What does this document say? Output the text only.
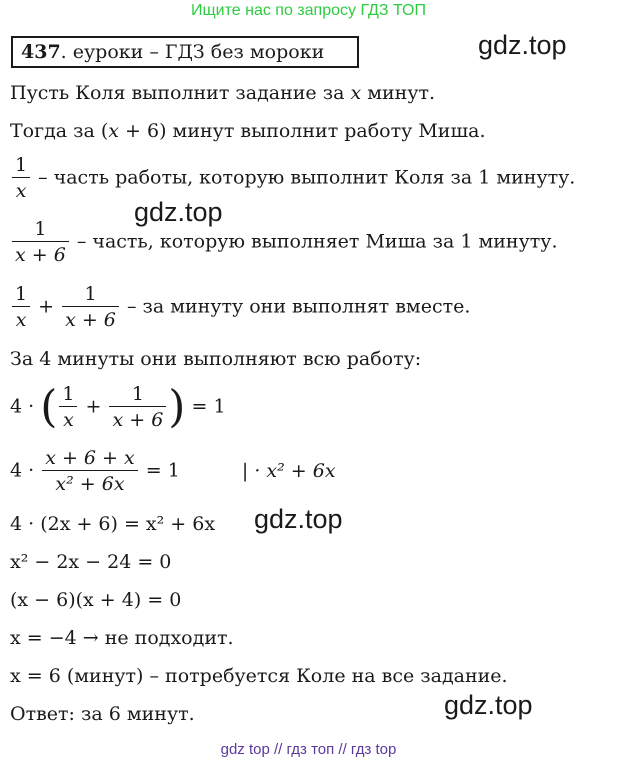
Ищите нас по запросу ГДЗ ТОП
437. еуроки – ГДЗ без мороки	gdz.top
gdz.top
gdz.top
gdz.top
Пусть Коля выполнит задание за x минут.
Тогда за (x + 6) минут выполнит работу Миша.
$\frac{1}{x}$ – часть работы, которую выполнит Коля за 1 минуту.
$\frac{1}{x + 6}$ – часть, которую выполняет Миша за 1 минуту.
$\frac{1}{x} + \frac{1}{x + 6}$ – за минуту они выполнят вместе.
За 4 минуты они выполняют всю работу:
4 · ( $\frac{1}{x} + \frac{1}{x + 6}$ ) = 1
$4 \cdot \frac{x + 6 + x}{\text{x² + 6x}} = 1$	| · x² + 6x
4 · (2x + 6) = x² + 6x
x² − 2x − 24 = 0
(x − 6)(x + 4) = 0
x = −4 → не подходит.
x = 6 (минут) – потребуется Коле на все задание.
Ответ: за 6 минут.
gdz top // гдз топ // гдз top
